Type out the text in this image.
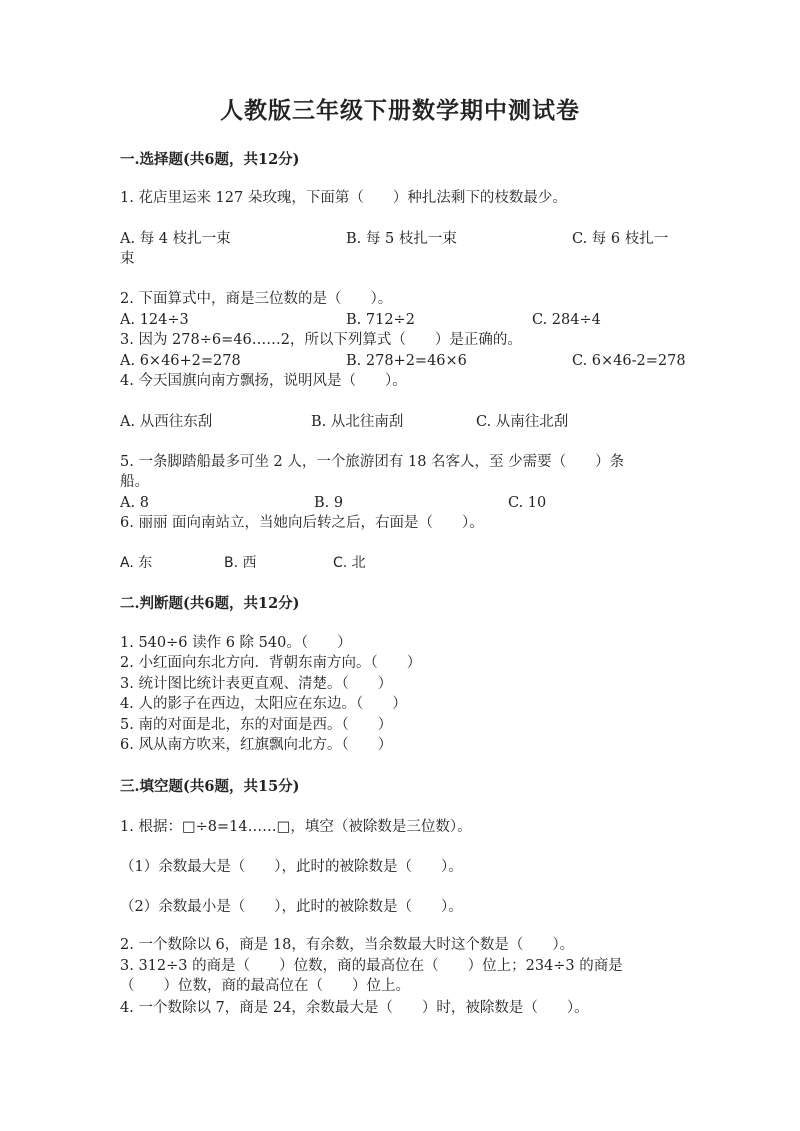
人教版三年级下册数学期中测试卷
一.选择题(共6题，共12分)
1. 花店里运来 127 朵玫瑰，下面第（　　）种扎法剩下的枝数最少。
A. 每 4 枝扎一束	B. 每 5 枝扎一束	C. 每 6 枝扎一
束
2. 下面算式中，商是三位数的是（　　）。
A. 124÷3	B. 712÷2	C. 284÷4
3. 因为 278÷6=46……2，所以下列算式（　　）是正确的。
A. 6×46+2=278	B. 278+2=46×6	C. 6×46-2=278
4. 今天国旗向南方飘扬，说明风是（　　）。
A. 从西往东刮	B. 从北往南刮	C. 从南往北刮
5. 一条脚踏船最多可坐 2 人，一个旅游团有 18 名客人，至 少需要（　　）条
船。
A. 8	B. 9	C. 10
6. 丽丽 面向南站立，当她向后转之后，右面是（　　）。
A. 东	B. 西	C. 北
二.判断题(共6题，共12分)
1. 540÷6 读作 6 除 540。（　　）
2. 小红面向东北方向．背朝东南方向。（　　）
3. 统计图比统计表更直观、清楚。（　　）
4. 人的影子在西边，太阳应在东边。（　　）
5. 南的对面是北，东的对面是西。（　　）
6. 风从南方吹来，红旗飘向北方。（　　）
三.填空题(共6题，共15分)
1. 根据：□÷8=14……□，填空（被除数是三位数）。
（1）余数最大是（　　），此时的被除数是（　　）。
（2）余数最小是（　　），此时的被除数是（　　）。
2. 一个数除以 6，商是 18，有余数，当余数最大时这个数是（　　）。
3. 312÷3 的商是（　　）位数，商的最高位在（　　）位上；234÷3 的商是
（　　）位数，商的最高位在（　　）位上。
4. 一个数除以 7，商是 24，余数最大是（　　）时，被除数是（　　）。
